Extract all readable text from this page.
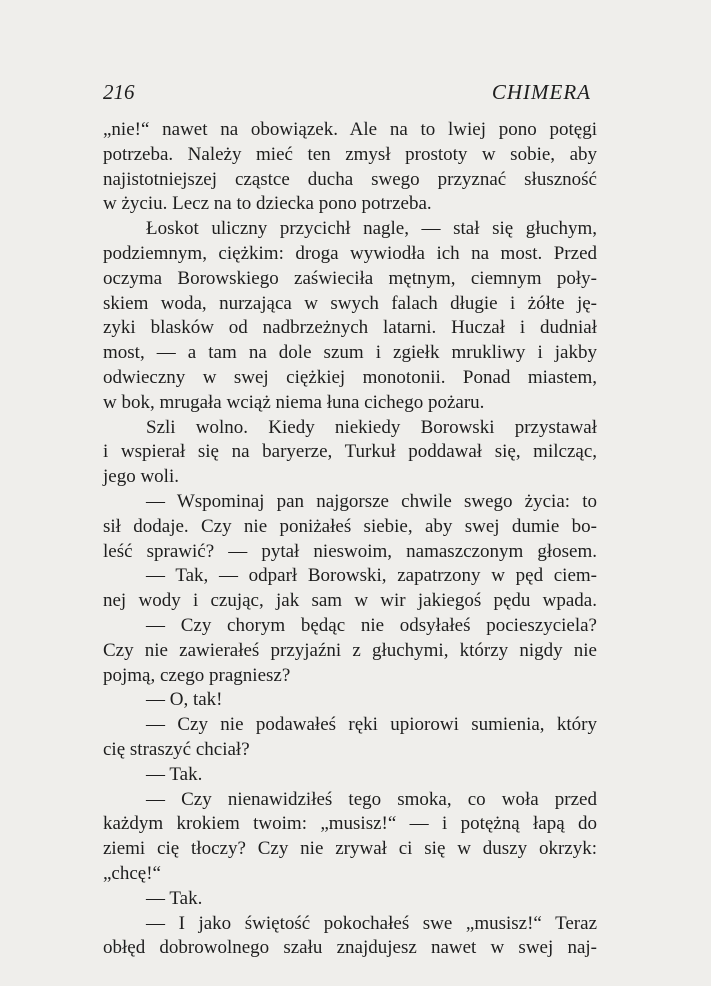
216	CHIMERA
„nie!“ nawet na obowiązek. Ale na to lwiej pono potęgi
potrzeba. Należy mieć ten zmysł prostoty w sobie, aby
najistotniejszej cząstce ducha swego przyznać słuszność
w życiu. Lecz na to dziecka pono potrzeba.
Łoskot uliczny przycichł nagle, — stał się głuchym,
podziemnym, ciężkim: droga wywiodła ich na most. Przed
oczyma Borowskiego zaświeciła mętnym, ciemnym poły-
skiem woda, nurzająca w swych falach długie i żółte ję-
zyki blasków od nadbrzeżnych latarni. Huczał i dudniał
most, — a tam na dole szum i zgiełk mrukliwy i jakby
odwieczny w swej ciężkiej monotonii. Ponad miastem,
w bok, mrugała wciąż niema łuna cichego pożaru.
Szli wolno. Kiedy niekiedy Borowski przystawał
i wspierał się na baryerze, Turkuł poddawał się, milcząc,
jego woli.
— Wspominaj pan najgorsze chwile swego życia: to
sił dodaje. Czy nie poniżałeś siebie, aby swej dumie bo-
leść sprawić? — pytał nieswoim, namaszczonym głosem.
— Tak, — odparł Borowski, zapatrzony w pęd ciem-
nej wody i czując, jak sam w wir jakiegoś pędu wpada.
— Czy chorym będąc nie odsyłałeś pocieszyciela?
Czy nie zawierałeś przyjaźni z głuchymi, którzy nigdy nie
pojmą, czego pragniesz?
— O, tak!
— Czy nie podawałeś ręki upiorowi sumienia, który
cię straszyć chciał?
— Tak.
— Czy nienawidziłeś tego smoka, co woła przed
każdym krokiem twoim: „musisz!“ — i potężną łapą do
ziemi cię tłoczy? Czy nie zrywał ci się w duszy okrzyk:
„chcę!“
— Tak.
— I jako świętość pokochałeś swe „musisz!“ Teraz
obłęd dobrowolnego szału znajdujesz nawet w swej naj-
